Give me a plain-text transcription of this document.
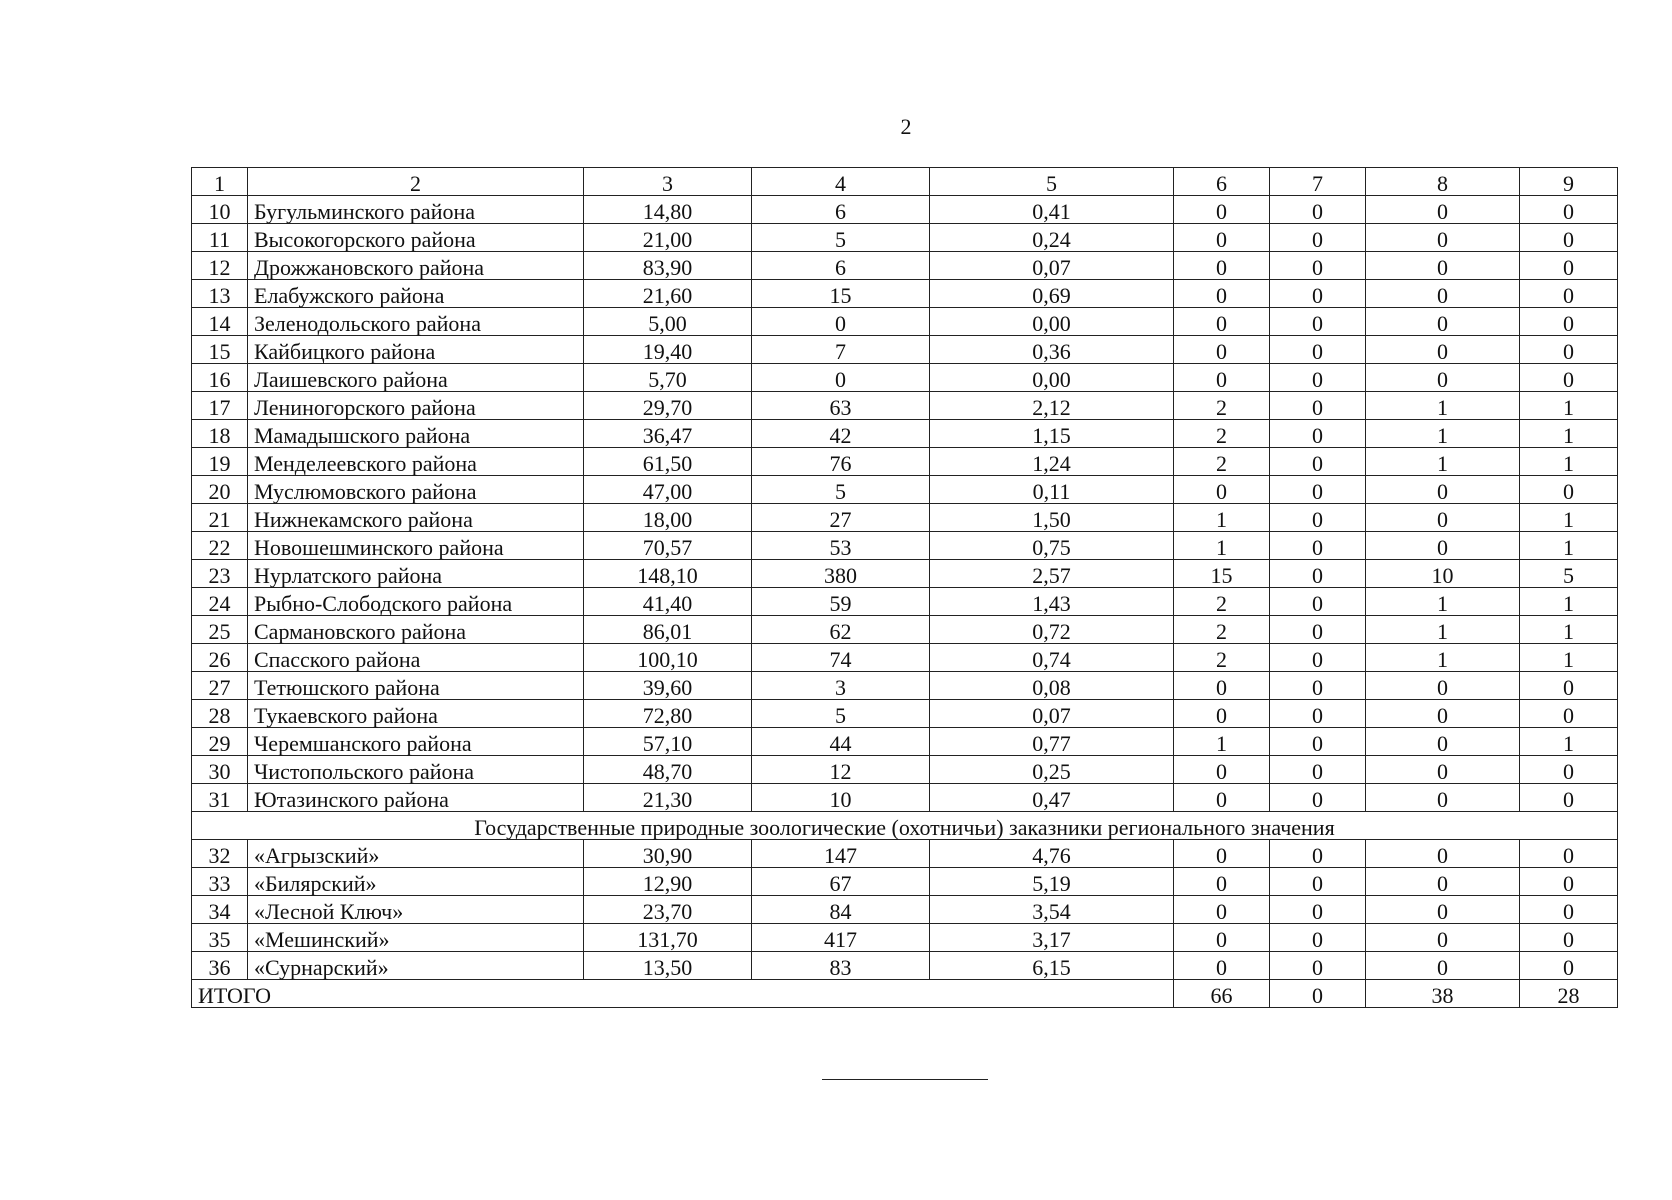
2
1	2	3	4	5	6	7	8	9
10	Бугульминского района	14,80	6	0,41	0	0	0	0
11	Высокогорского района	21,00	5	0,24	0	0	0	0
12	Дрожжановского района	83,90	6	0,07	0	0	0	0
13	Елабужского района	21,60	15	0,69	0	0	0	0
14	Зеленодольского района	5,00	0	0,00	0	0	0	0
15	Кайбицкого района	19,40	7	0,36	0	0	0	0
16	Лаишевского района	5,70	0	0,00	0	0	0	0
17	Лениногорского района	29,70	63	2,12	2	0	1	1
18	Мамадышского района	36,47	42	1,15	2	0	1	1
19	Менделеевского района	61,50	76	1,24	2	0	1	1
20	Муслюмовского района	47,00	5	0,11	0	0	0	0
21	Нижнекамского района	18,00	27	1,50	1	0	0	1
22	Новошешминского района	70,57	53	0,75	1	0	0	1
23	Нурлатского района	148,10	380	2,57	15	0	10	5
24	Рыбно-Слободского района	41,40	59	1,43	2	0	1	1
25	Сармановского района	86,01	62	0,72	2	0	1	1
26	Спасского района	100,10	74	0,74	2	0	1	1
27	Тетюшского района	39,60	3	0,08	0	0	0	0
28	Тукаевского района	72,80	5	0,07	0	0	0	0
29	Черемшанского района	57,10	44	0,77	1	0	0	1
30	Чистопольского района	48,70	12	0,25	0	0	0	0
31	Ютазинского района	21,30	10	0,47	0	0	0	0
Государственные природные зоологические (охотничьи) заказники регионального значения								
32	«Агрызский»	30,90	147	4,76	0	0	0	0
33	«Билярский»	12,90	67	5,19	0	0	0	0
34	«Лесной Ключ»	23,70	84	3,54	0	0	0	0
35	«Мешинский»	131,70	417	3,17	0	0	0	0
36	«Сурнарский»	13,50	83	6,15	0	0	0	0
ИТОГО					66	0	38	28
